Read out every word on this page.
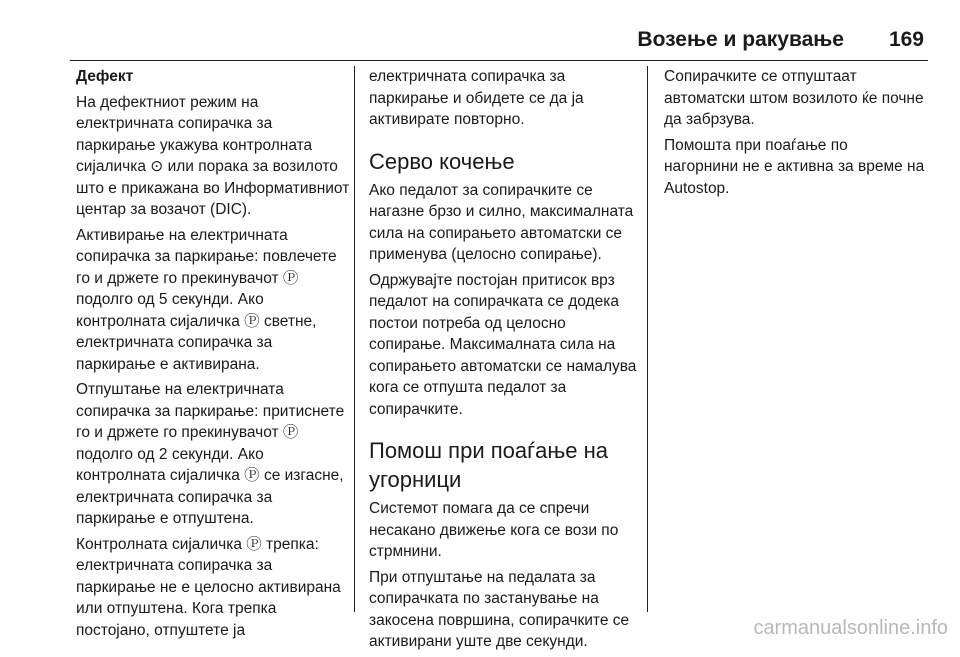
Возење и ракување 169

Дефект

На дефектниот режим на електричната сопирачка за паркирање укажува контролната сијаличка ⊙ или порака за возилото што е прикажана во Информативниот центар за возачот (DIC).

Активирање на електричната сопирачка за паркирање: повлечете го и држете го прекинувачот Ⓟ подолго од 5 секунди. Ако контролната сијаличка Ⓟ светне, електричната сопирачка за паркирање е активирана.

Отпуштање на електричната сопирачка за паркирање: притиснете го и држете го прекинувачот Ⓟ подолго од 2 секунди. Ако контролната сијаличка Ⓟ се изгасне, електричната сопирачка за паркирање е отпуштена.

Контролната сијаличка Ⓟ трепка: електричната сопирачка за паркирање не е целосно активирана или отпуштена. Кога трепка постојано, отпуштете ја

електричната сопирачка за паркирање и обидете се да ја активирате повторно.

Серво кочење

Ако педалот за сопирачките се нагазне брзо и силно, максималната сила на сопирањето автоматски се применува (целосно сопирање).

Одржувајте постојан притисок врз педалот на сопирачката се додека постои потреба од целосно сопирање. Максималната сила на сопирањето автоматски се намалува кога се отпушта педалот за сопирачките.

Помош при поаѓање на угорници

Системот помага да се спречи несакано движење кога се вози по стрмнини.

При отпуштање на педалата за сопирачката по застанување на закосена површина, сопирачките се активирани уште две секунди.

Сопирачките се отпуштаат автоматски штом возилото ќе почне да забрзува.

Помошта при поаѓање по нагорнини не е активна за време на Autostop.

carmanualsonline.info
